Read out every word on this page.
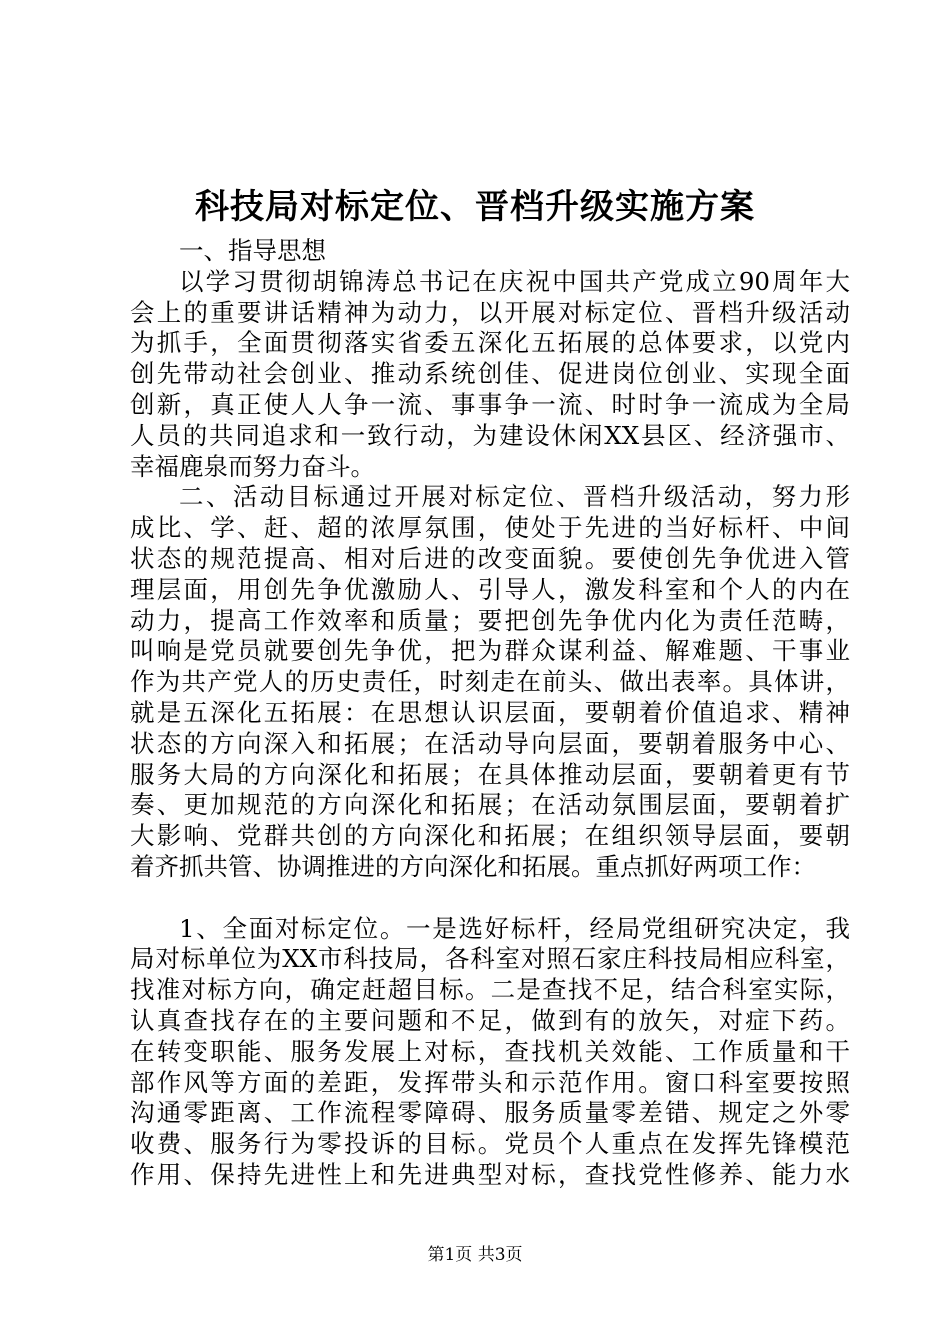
科技局对标定位、晋档升级实施方案
一、指导思想
以学习贯彻胡锦涛总书记在庆祝中国共产党成立90周年大
会上的重要讲话精神为动力，以开展对标定位、晋档升级活动
为抓手，全面贯彻落实省委五深化五拓展的总体要求，以党内
创先带动社会创业、推动系统创佳、促进岗位创业、实现全面
创新，真正使人人争一流、事事争一流、时时争一流成为全局
人员的共同追求和一致行动，为建设休闲XX县区、经济强市、
幸福鹿泉而努力奋斗。
二、活动目标通过开展对标定位、晋档升级活动，努力形
成比、学、赶、超的浓厚氛围，使处于先进的当好标杆、中间
状态的规范提高、相对后进的改变面貌。要使创先争优进入管
理层面，用创先争优激励人、引导人，激发科室和个人的内在
动力，提高工作效率和质量；要把创先争优内化为责任范畴，
叫响是党员就要创先争优，把为群众谋利益、解难题、干事业
作为共产党人的历史责任，时刻走在前头、做出表率。具体讲，
就是五深化五拓展：在思想认识层面，要朝着价值追求、精神
状态的方向深入和拓展；在活动导向层面，要朝着服务中心、
服务大局的方向深化和拓展；在具体推动层面，要朝着更有节
奏、更加规范的方向深化和拓展；在活动氛围层面，要朝着扩
大影响、党群共创的方向深化和拓展；在组织领导层面，要朝
着齐抓共管、协调推进的方向深化和拓展。重点抓好两项工作：
1、全面对标定位。一是选好标杆，经局党组研究决定，我
局对标单位为XX市科技局，各科室对照石家庄科技局相应科室，
找准对标方向，确定赶超目标。二是查找不足，结合科室实际，
认真查找存在的主要问题和不足，做到有的放矢，对症下药。
在转变职能、服务发展上对标，查找机关效能、工作质量和干
部作风等方面的差距，发挥带头和示范作用。窗口科室要按照
沟通零距离、工作流程零障碍、服务质量零差错、规定之外零
收费、服务行为零投诉的目标。党员个人重点在发挥先锋模范
作用、保持先进性上和先进典型对标，查找党性修养、能力水
第1页 共3页
